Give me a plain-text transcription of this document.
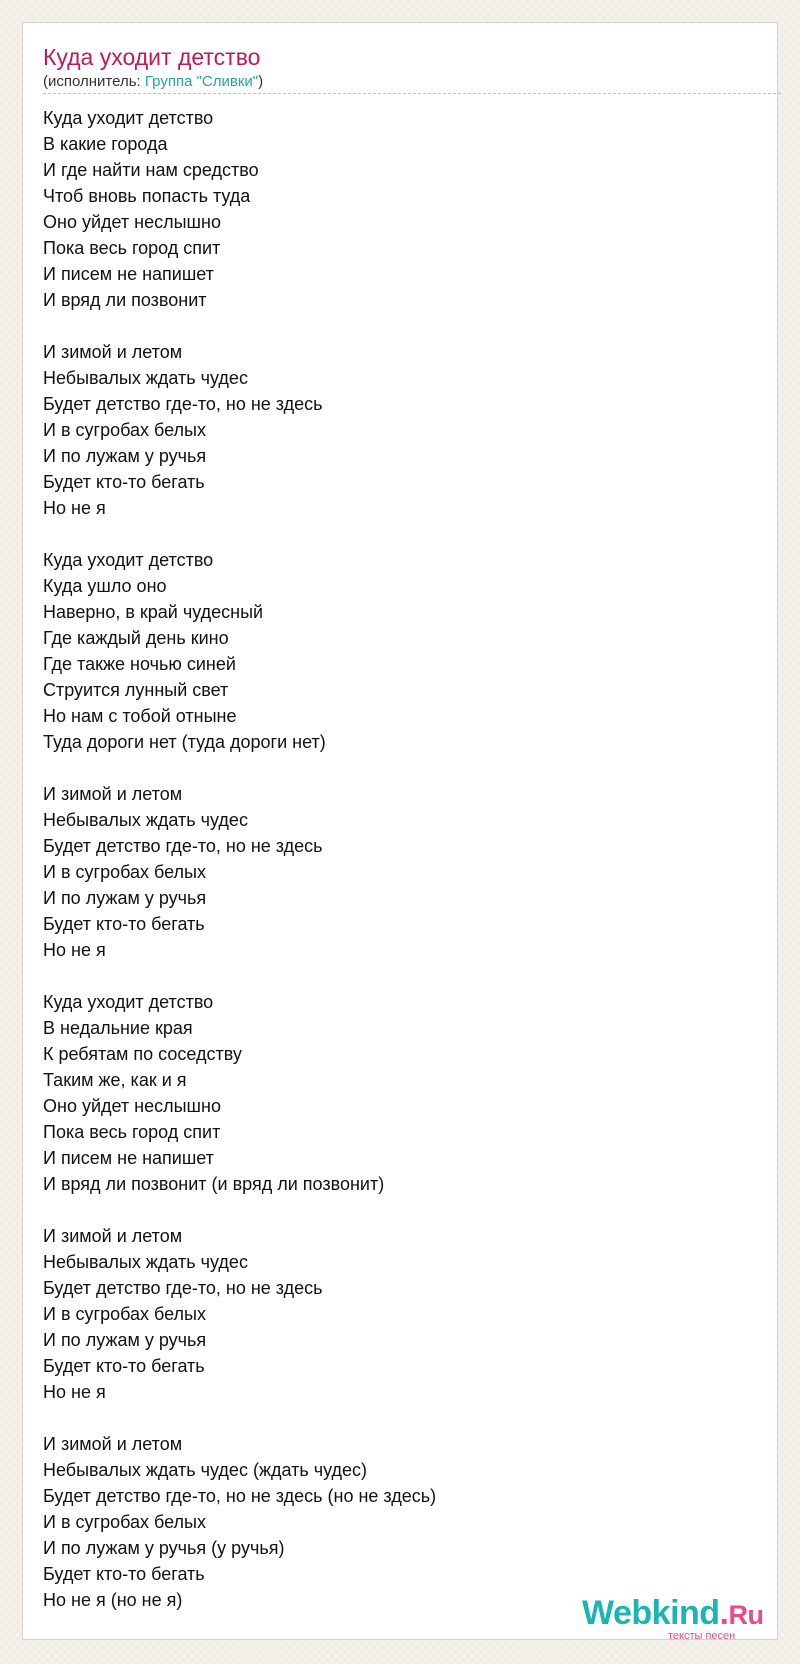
Куда уходит детство
(исполнитель: Группа "Сливки")
Куда уходит детство
В какие города
И где найти нам средство
Чтоб вновь попасть туда
Оно уйдет неслышно
Пока весь город спит
И писем не напишет
И вряд ли позвонит
И зимой и летом
Небывалых ждать чудес
Будет детство где-то, но не здесь
И в сугробах белых
И по лужам у ручья
Будет кто-то бегать
Но не я
Куда уходит детство
Куда ушло оно
Наверно, в край чудесный
Где каждый день кино
Где также ночью синей
Струится лунный свет
Но нам с тобой отныне
Туда дороги нет (туда дороги нет)
И зимой и летом
Небывалых ждать чудес
Будет детство где-то, но не здесь
И в сугробах белых
И по лужам у ручья
Будет кто-то бегать
Но не я
Куда уходит детство
В недальние края
К ребятам по соседству
Таким же, как и я
Оно уйдет неслышно
Пока весь город спит
И писем не напишет
И вряд ли позвонит (и вряд ли позвонит)
И зимой и летом
Небывалых ждать чудес
Будет детство где-то, но не здесь
И в сугробах белых
И по лужам у ручья
Будет кто-то бегать
Но не я
И зимой и летом
Небывалых ждать чудес (ждать чудес)
Будет детство где-то, но не здесь (но не здесь)
И в сугробах белых
И по лужам у ручья (у ручья)
Будет кто-то бегать
Но не я (но не я)	Webkind.Ru
тексты песен
